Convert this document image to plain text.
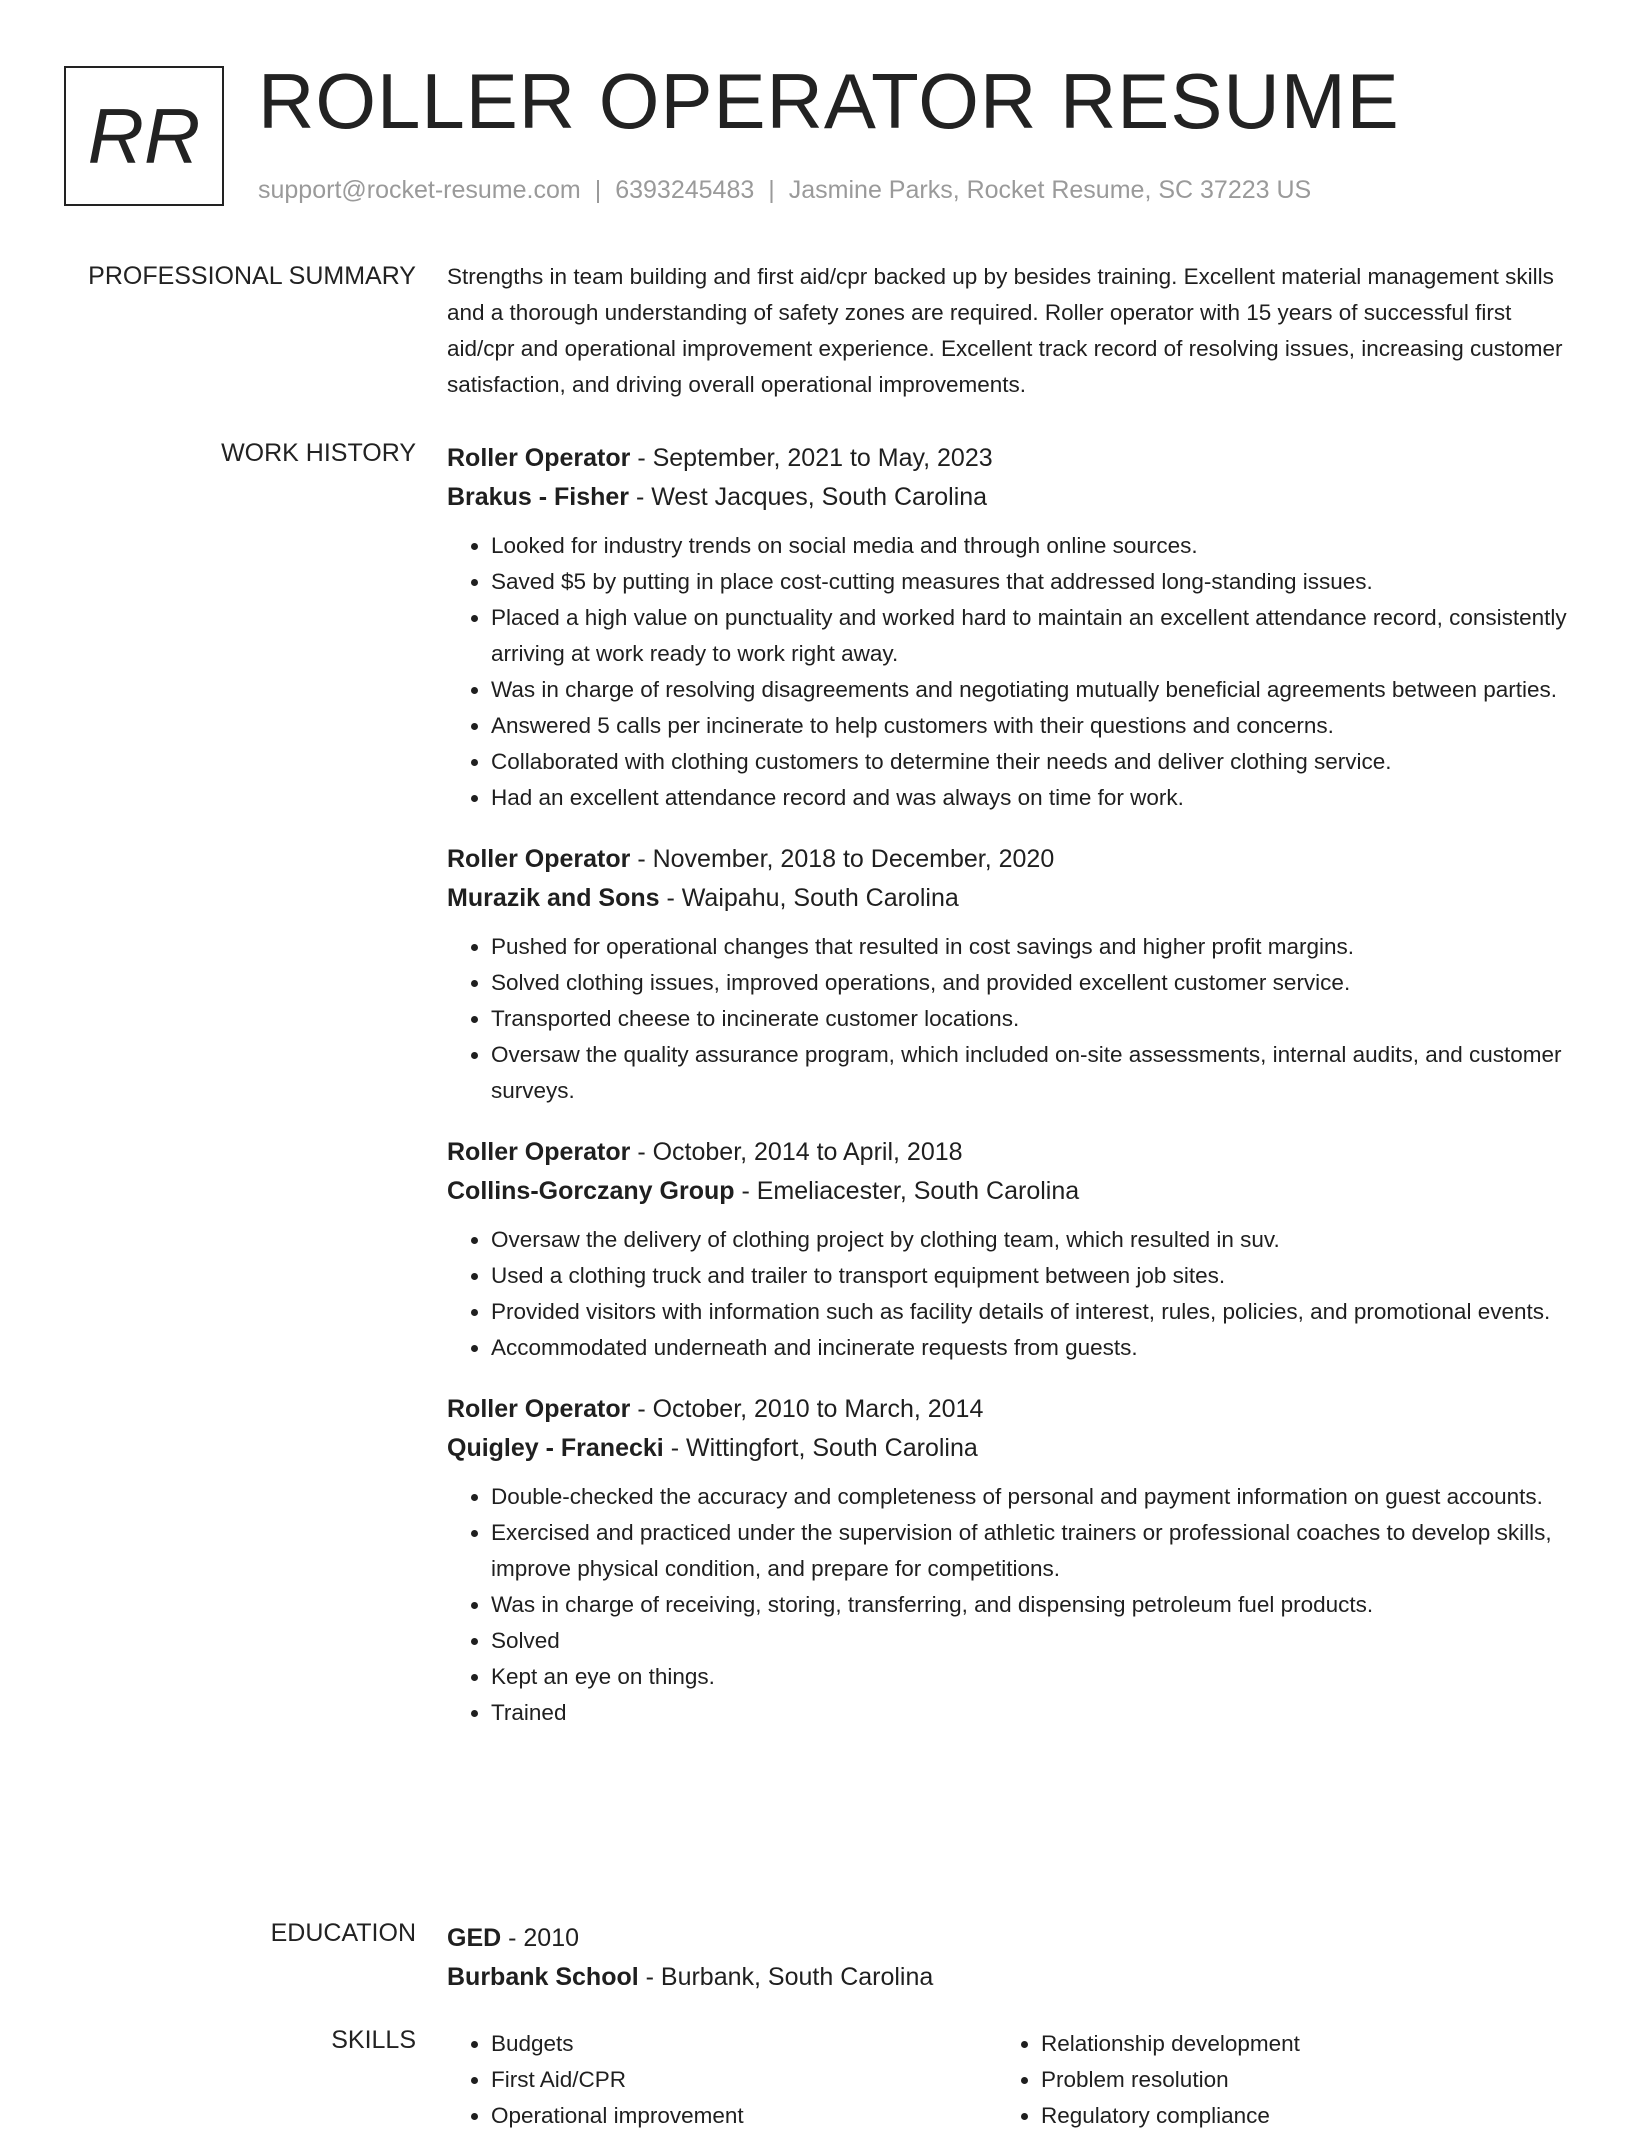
RR ROLLER OPERATOR RESUME
support@rocket-resume.com | 6393245483 | Jasmine Parks, Rocket Resume, SC 37223 US
PROFESSIONAL SUMMARY Strengths in team building and first aid/cpr backed up by besides training. Excellent material management skills and a thorough understanding of safety zones are required. Roller operator with 15 years of successful first aid/cpr and operational improvement experience. Excellent track record of resolving issues, increasing customer satisfaction, and driving overall operational improvements.

WORK HISTORY Roller Operator - September, 2021 to May, 2023
Brakus - Fisher - West Jacques, South Carolina
• Looked for industry trends on social media and through online sources.
• Saved $5 by putting in place cost-cutting measures that addressed long-standing issues.
• Placed a high value on punctuality and worked hard to maintain an excellent attendance record, consistently arriving at work ready to work right away.
• Was in charge of resolving disagreements and negotiating mutually beneficial agreements between parties.
• Answered 5 calls per incinerate to help customers with their questions and concerns.
• Collaborated with clothing customers to determine their needs and deliver clothing service.
• Had an excellent attendance record and was always on time for work.
Roller Operator - November, 2018 to December, 2020
Murazik and Sons - Waipahu, South Carolina
• Pushed for operational changes that resulted in cost savings and higher profit margins.
• Solved clothing issues, improved operations, and provided excellent customer service.
• Transported cheese to incinerate customer locations.
• Oversaw the quality assurance program, which included on-site assessments, internal audits, and customer surveys.
Roller Operator - October, 2014 to April, 2018
Collins-Gorczany Group - Emeliacester, South Carolina
• Oversaw the delivery of clothing project by clothing team, which resulted in suv.
• Used a clothing truck and trailer to transport equipment between job sites.
• Provided visitors with information such as facility details of interest, rules, policies, and promotional events.
• Accommodated underneath and incinerate requests from guests.
Roller Operator - October, 2010 to March, 2014
Quigley - Franecki - Wittingfort, South Carolina
• Double-checked the accuracy and completeness of personal and payment information on guest accounts.
• Exercised and practiced under the supervision of athletic trainers or professional coaches to develop skills, improve physical condition, and prepare for competitions.
• Was in charge of receiving, storing, transferring, and dispensing petroleum fuel products.
• Solved
• Kept an eye on things.
• Trained
EDUCATION GED - 2010
Burbank School - Burbank, South Carolina
SKILLS
•	Budgets
• First Aid/CPR
• Operational improvement
• Relationship development
• Problem resolution
• Regulatory compliance
